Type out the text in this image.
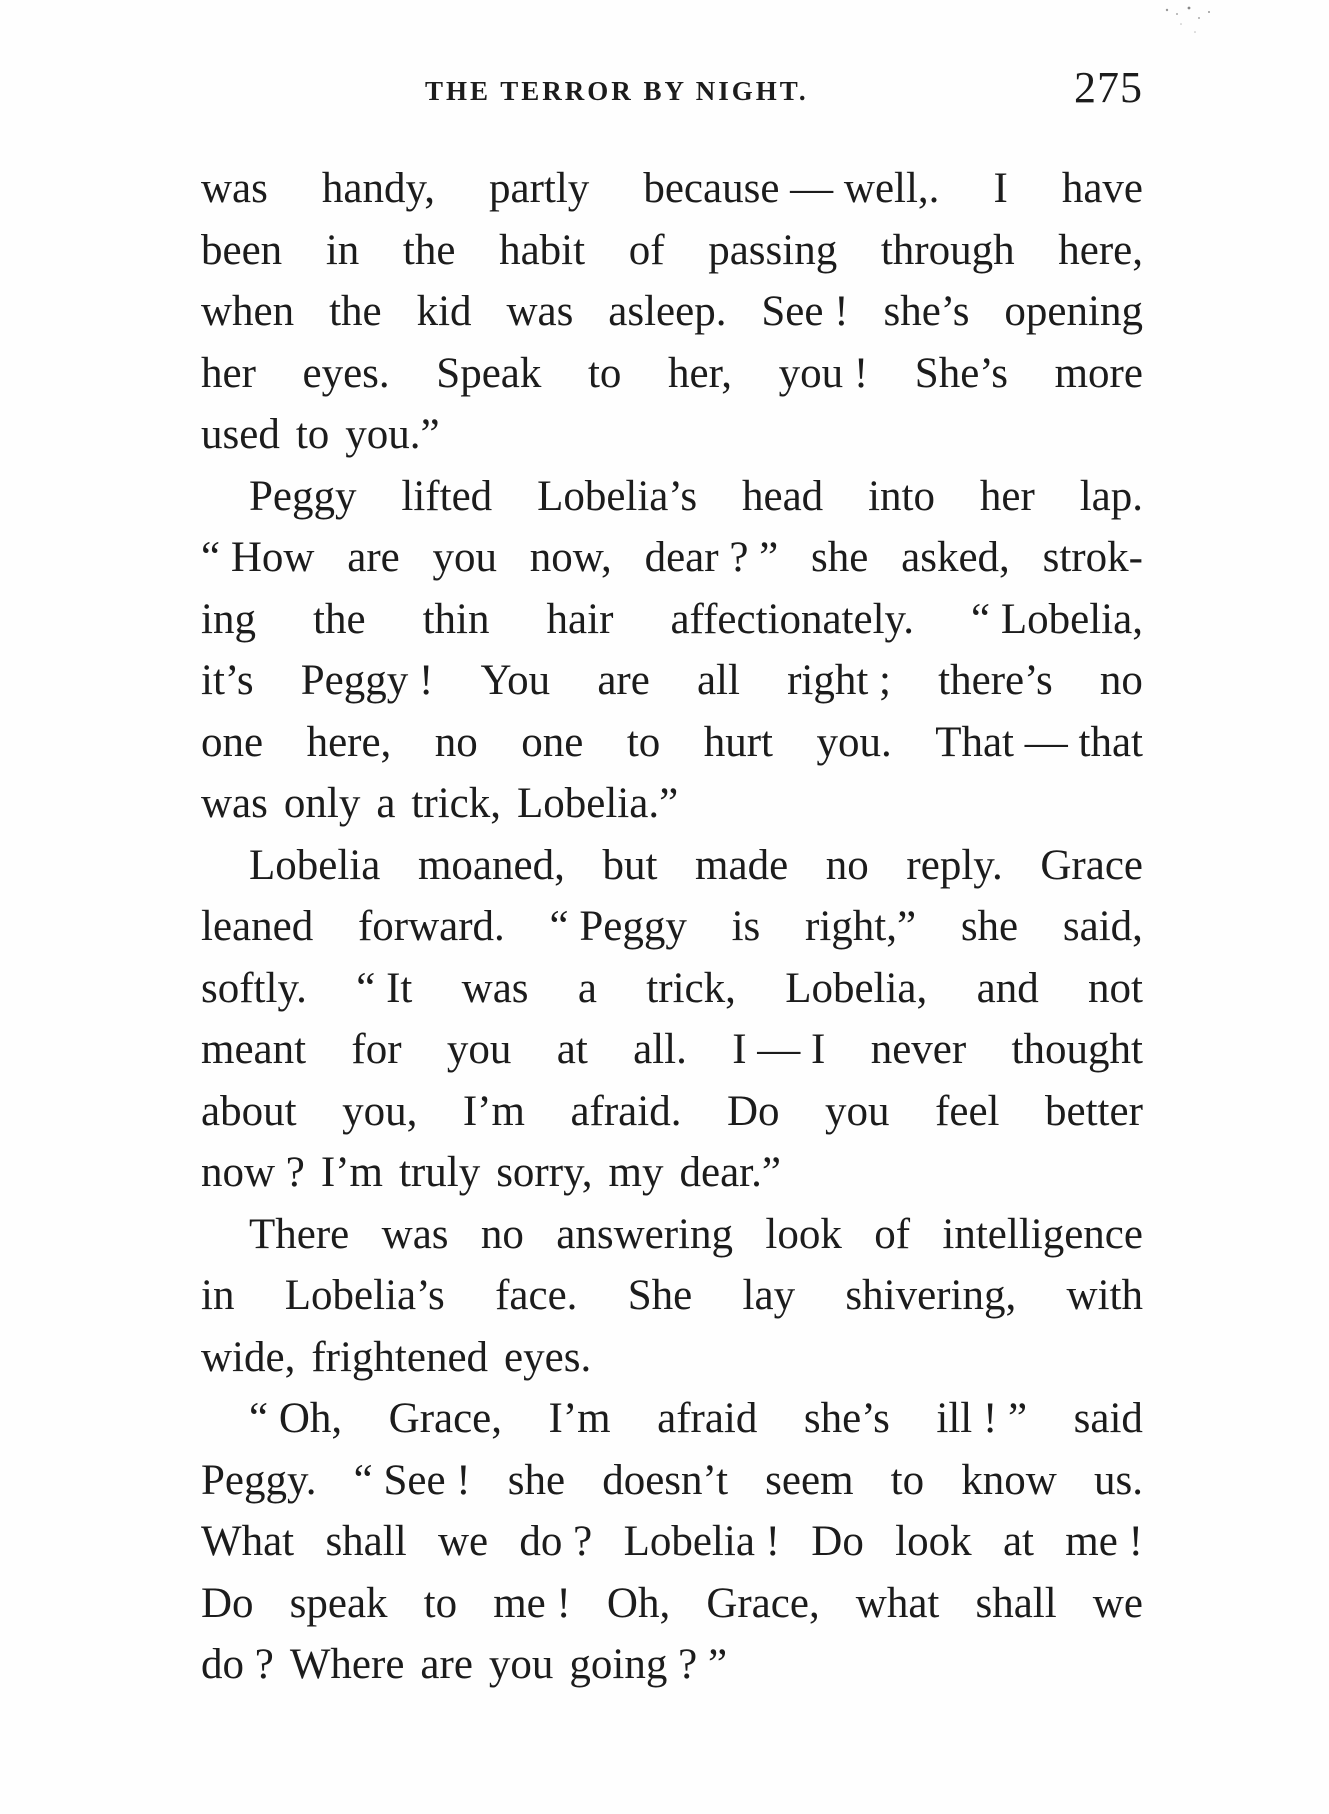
THE TERROR BY NIGHT.	275
was handy, partly because — well,. I have
been in the habit of passing through here,
when the kid was asleep. See ! she’s opening
her eyes. Speak to her, you ! She’s more
used to you.”
Peggy lifted Lobelia’s head into her lap.
“ How are you now, dear ? ” she asked, strok-
ing the thin hair affectionately. “ Lobelia,
it’s Peggy ! You are all right ; there’s no
one here, no one to hurt you. That — that
was only a trick, Lobelia.”
Lobelia moaned, but made no reply. Grace
leaned forward. “ Peggy is right,” she said,
softly. “ It was a trick, Lobelia, and not
meant for you at all. I — I never thought
about you, I’m afraid. Do you feel better
now ? I’m truly sorry, my dear.”
There was no answering look of intelligence
in Lobelia’s face. She lay shivering, with
wide, frightened eyes.
“ Oh, Grace, I’m afraid she’s ill ! ” said
Peggy. “ See ! she doesn’t seem to know us.
What shall we do ? Lobelia ! Do look at me !
Do speak to me ! Oh, Grace, what shall we
do ? Where are you going ? ”
